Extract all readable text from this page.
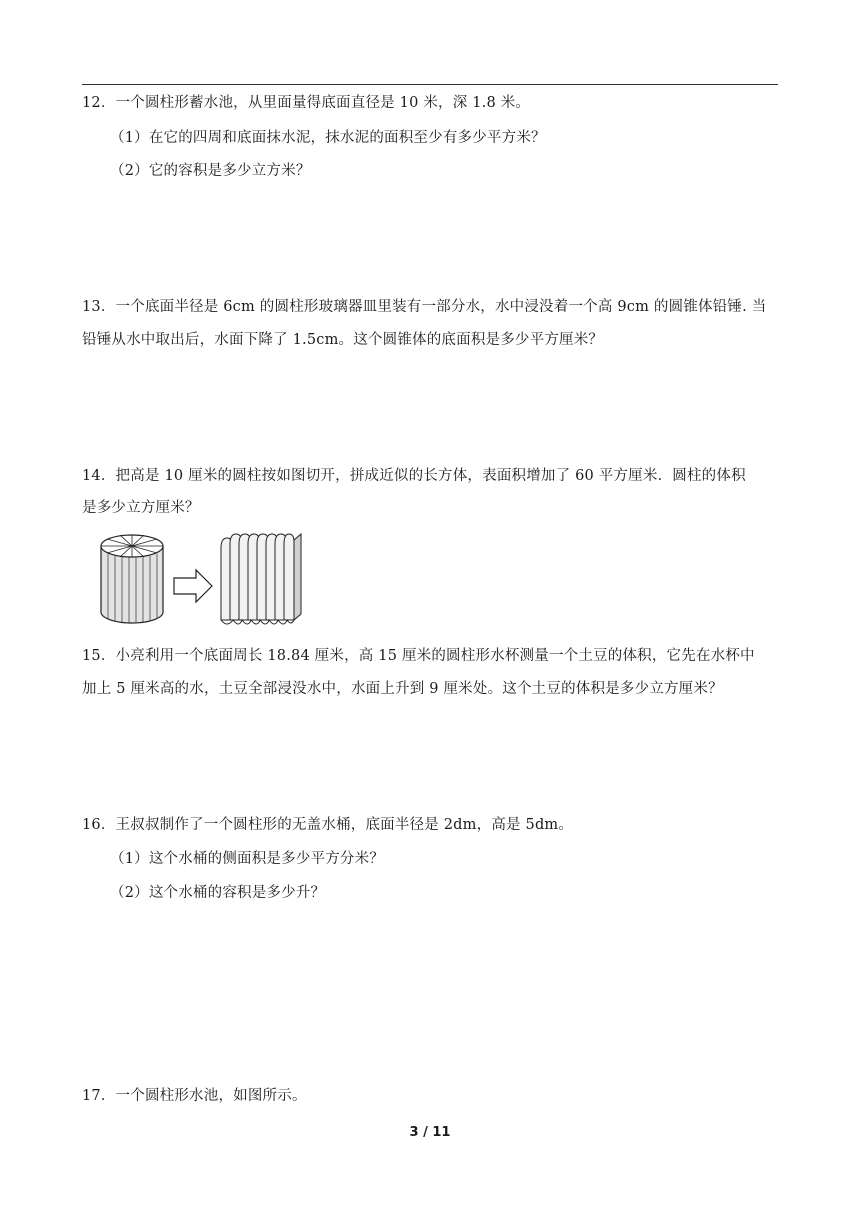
12．一个圆柱形蓄水池，从里面量得底面直径是 10 米，深 1.8 米。
（1）在它的四周和底面抹水泥，抹水泥的面积至少有多少平方米？
（2）它的容积是多少立方米？
13．一个底面半径是 6cm 的圆柱形玻璃器皿里装有一部分水，水中浸没着一个高 9cm 的圆锥体铅锤. 当
铅锤从水中取出后，水面下降了 1.5cm。这个圆锥体的底面积是多少平方厘米？
14．把高是 10 厘米的圆柱按如图切开，拼成近似的长方体，表面积增加了 60 平方厘米．圆柱的体积
是多少立方厘米？
15．小亮利用一个底面周长 18.84 厘米，高 15 厘米的圆柱形水杯测量一个土豆的体积，它先在水杯中
加上 5 厘米高的水，土豆全部浸没水中，水面上升到 9 厘米处。这个土豆的体积是多少立方厘米？
16．王叔叔制作了一个圆柱形的无盖水桶，底面半径是 2dm，高是 5dm。
（1）这个水桶的侧面积是多少平方分米？
（2）这个水桶的容积是多少升？
17．一个圆柱形水池，如图所示。
3 / 11
